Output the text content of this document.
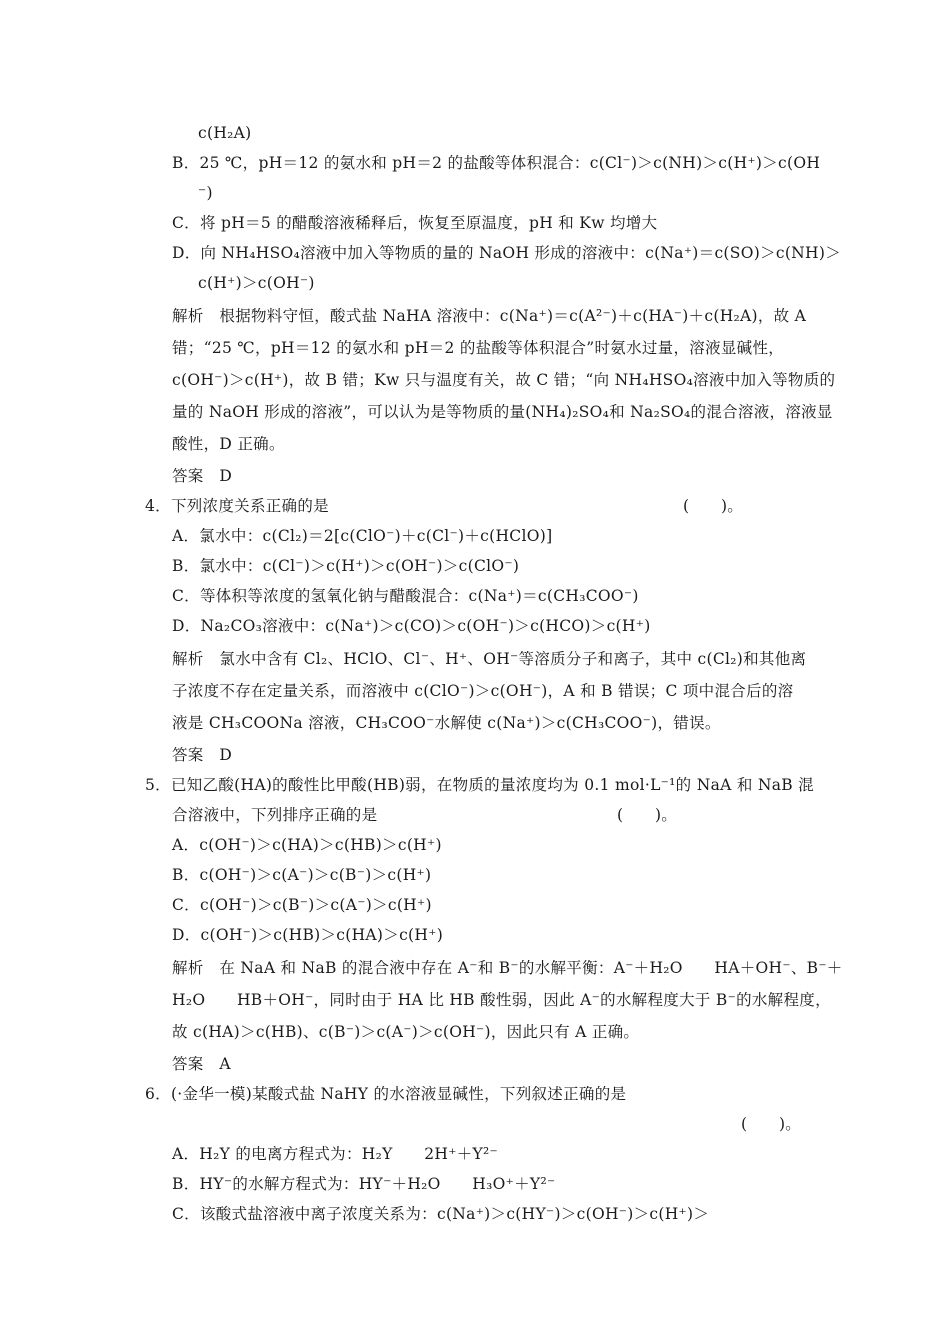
c(H₂A)
B．25 ℃，pH＝12 的氨水和 pH＝2 的盐酸等体积混合：c(Cl⁻)＞c(NH)＞c(H⁺)＞c(OH
⁻)
C．将 pH＝5 的醋酸溶液稀释后，恢复至原温度，pH 和 Kw 均增大
D．向 NH₄HSO₄溶液中加入等物质的量的 NaOH 形成的溶液中：c(Na⁺)＝c(SO)＞c(NH)＞
c(H⁺)＞c(OH⁻)
解析　根据物料守恒，酸式盐 NaHA 溶液中：c(Na⁺)＝c(A²⁻)＋c(HA⁻)＋c(H₂A)，故 A
错；“25 ℃，pH＝12 的氨水和 pH＝2 的盐酸等体积混合”时氨水过量，溶液显碱性，
c(OH⁻)＞c(H⁺)，故 B 错；Kw 只与温度有关，故 C 错；“向 NH₄HSO₄溶液中加入等物质的
量的 NaOH 形成的溶液”，可以认为是等物质的量(NH₄)₂SO₄和 Na₂SO₄的混合溶液，溶液显
酸性，D 正确。
答案　D
4．下列浓度关系正确的是
A．氯水中：c(Cl₂)＝2[c(ClO⁻)＋c(Cl⁻)＋c(HClO)]
B．氯水中：c(Cl⁻)＞c(H⁺)＞c(OH⁻)＞c(ClO⁻)
C．等体积等浓度的氢氧化钠与醋酸混合：c(Na⁺)＝c(CH₃COO⁻)
D．Na₂CO₃溶液中：c(Na⁺)＞c(CO)＞c(OH⁻)＞c(HCO)＞c(H⁺)
解析　氯水中含有 Cl₂、HClO、Cl⁻、H⁺、OH⁻等溶质分子和离子，其中 c(Cl₂)和其他离
子浓度不存在定量关系，而溶液中 c(ClO⁻)＞c(OH⁻)，A 和 B 错误；C 项中混合后的溶
液是 CH₃COONa 溶液，CH₃COO⁻水解使 c(Na⁺)＞c(CH₃COO⁻)，错误。
答案　D
5．已知乙酸(HA)的酸性比甲酸(HB)弱，在物质的量浓度均为 0.1 mol·L⁻¹的 NaA 和 NaB 混
合溶液中，下列排序正确的是
A．c(OH⁻)＞c(HA)＞c(HB)＞c(H⁺)
B．c(OH⁻)＞c(A⁻)＞c(B⁻)＞c(H⁺)
C．c(OH⁻)＞c(B⁻)＞c(A⁻)＞c(H⁺)
D．c(OH⁻)＞c(HB)＞c(HA)＞c(H⁺)
解析　在 NaA 和 NaB 的混合液中存在 A⁻和 B⁻的水解平衡：A⁻＋H₂O　　HA＋OH⁻、B⁻＋
H₂O　　HB＋OH⁻，同时由于 HA 比 HB 酸性弱，因此 A⁻的水解程度大于 B⁻的水解程度，
故 c(HA)＞c(HB)、c(B⁻)＞c(A⁻)＞c(OH⁻)，因此只有 A 正确。
答案　A
6．(·金华一模)某酸式盐 NaHY 的水溶液显碱性，下列叙述正确的是
A．H₂Y 的电离方程式为：H₂Y　　2H⁺＋Y²⁻
B．HY⁻的水解方程式为：HY⁻＋H₂O　　H₃O⁺＋Y²⁻
C．该酸式盐溶液中离子浓度关系为：c(Na⁺)＞c(HY⁻)＞c(OH⁻)＞c(H⁺)＞
(　　)。
(　　)。
(　　)。
